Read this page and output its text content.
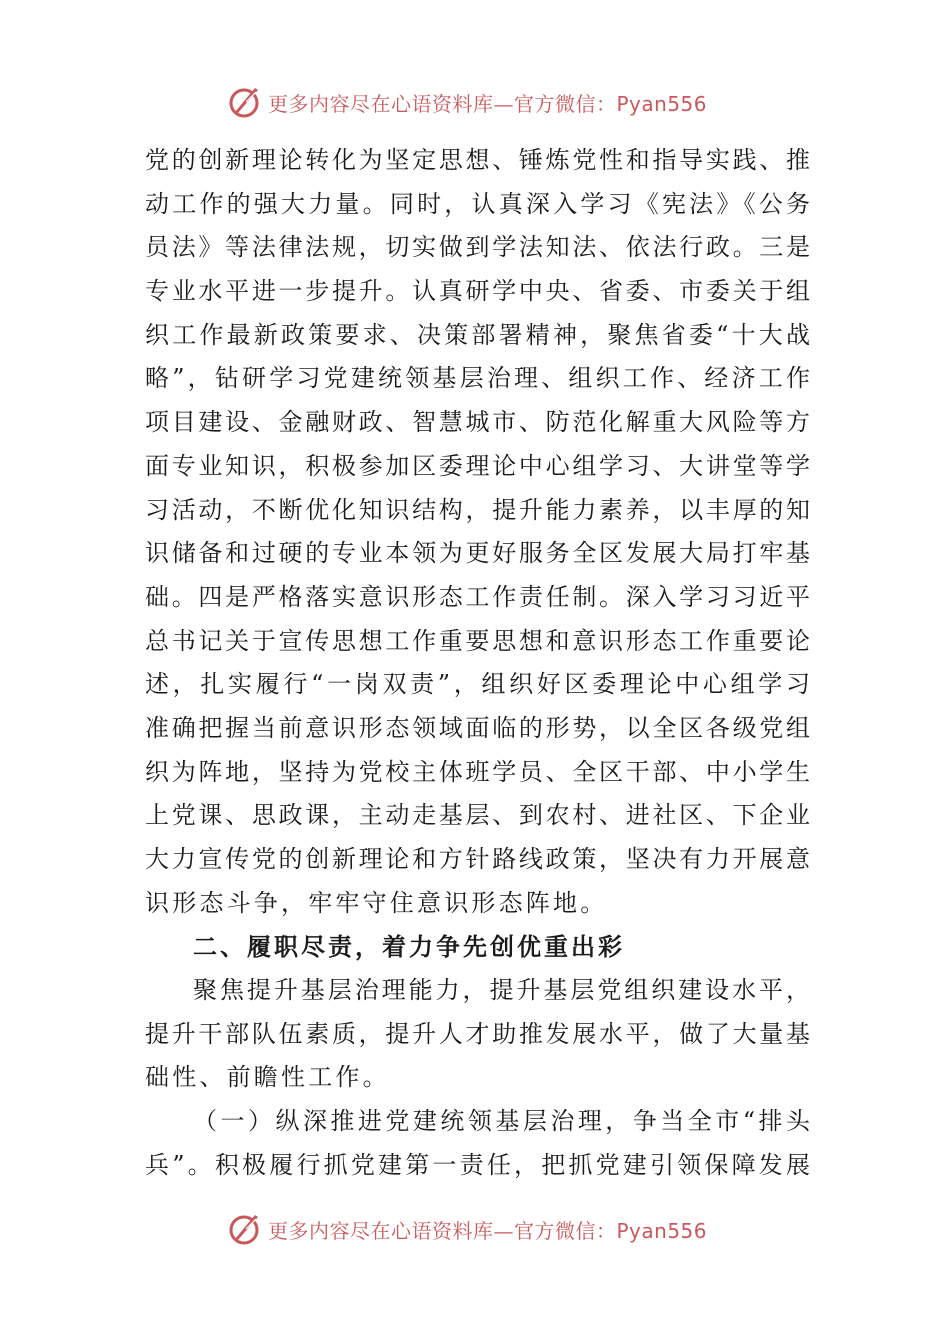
更多内容尽在心语资料库—官方微信：Pyan556
党的创新理论转化为坚定思想、锤炼党性和指导实践、推
动工作的强大力量。同时，认真深入学习《宪法》《公务
员法》等法律法规，切实做到学法知法、依法行政。三是
专业水平进一步提升。认真研学中央、省委、市委关于组
织工作最新政策要求、决策部署精神，聚焦省委“十大战
略”，钻研学习党建统领基层治理、组织工作、经济工作
项目建设、金融财政、智慧城市、防范化解重大风险等方
面专业知识，积极参加区委理论中心组学习、大讲堂等学
习活动，不断优化知识结构，提升能力素养，以丰厚的知
识储备和过硬的专业本领为更好服务全区发展大局打牢基
础。四是严格落实意识形态工作责任制。深入学习习近平
总书记关于宣传思想工作重要思想和意识形态工作重要论
述，扎实履行“一岗双责”，组织好区委理论中心组学习
准确把握当前意识形态领域面临的形势，以全区各级党组
织为阵地，坚持为党校主体班学员、全区干部、中小学生
上党课、思政课，主动走基层、到农村、进社区、下企业
大力宣传党的创新理论和方针路线政策，坚决有力开展意
识形态斗争，牢牢守住意识形态阵地。
二、履职尽责，着力争先创优重出彩
聚焦提升基层治理能力，提升基层党组织建设水平，
提升干部队伍素质，提升人才助推发展水平，做了大量基
础性、前瞻性工作。
（一）纵深推进党建统领基层治理，争当全市“排头
兵”。积极履行抓党建第一责任，把抓党建引领保障发展
更多内容尽在心语资料库—官方微信：Pyan556
